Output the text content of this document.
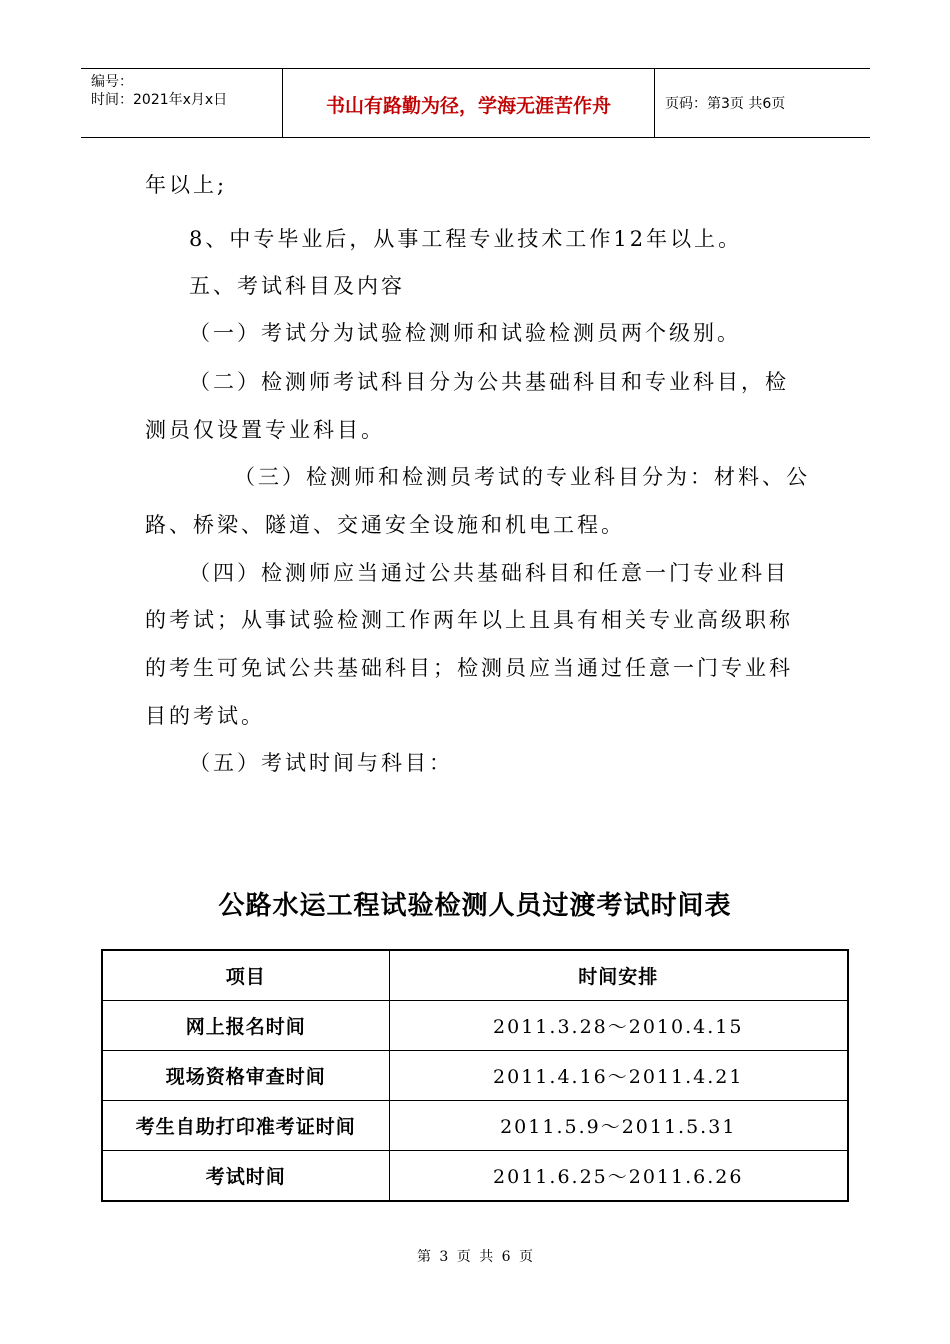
编号：
时间：2021年x月x日	书山有路勤为径，学海无涯苦作舟	页码：第3页 共6页
年以上;
8、中专毕业后，从事工程专业技术工作12年以上。
五、考试科目及内容
（一）考试分为试验检测师和试验检测员两个级别。
（二）检测师考试科目分为公共基础科目和专业科目，检
测员仅设置专业科目。
（三）检测师和检测员考试的专业科目分为：材料、公
路、桥梁、隧道、交通安全设施和机电工程。
（四）检测师应当通过公共基础科目和任意一门专业科目
的考试；从事试验检测工作两年以上且具有相关专业高级职称
的考生可免试公共基础科目；检测员应当通过任意一门专业科
目的考试。
（五）考试时间与科目：
公路水运工程试验检测人员过渡考试时间表
项目	时间安排
网上报名时间	2011.3.28～2010.4.15
现场资格审查时间	2011.4.16～2011.4.21
考生自助打印准考证时间	2011.5.9～2011.5.31
考试时间	2011.6.25～2011.6.26
第 3 页 共 6 页
